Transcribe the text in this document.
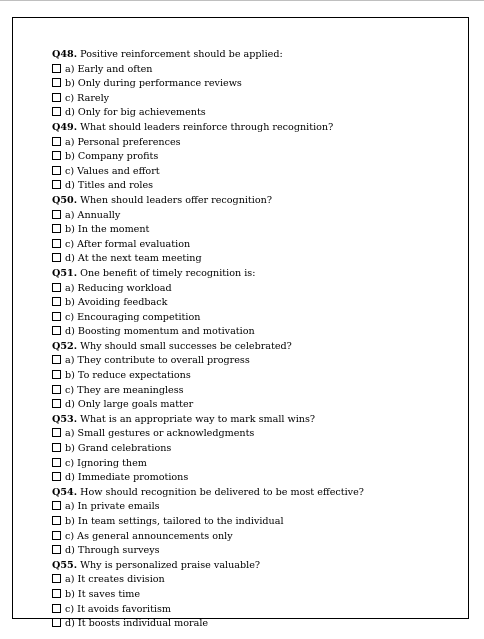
Q48. Positive reinforcement should be applied:
a) Early and often
b) Only during performance reviews
c) Rarely
d) Only for big achievements
Q49. What should leaders reinforce through recognition?
a) Personal preferences
b) Company profits
c) Values and effort
d) Titles and roles
Q50. When should leaders offer recognition?
a) Annually
b) In the moment
c) After formal evaluation
d) At the next team meeting
Q51. One benefit of timely recognition is:
a) Reducing workload
b) Avoiding feedback
c) Encouraging competition
d) Boosting momentum and motivation
Q52. Why should small successes be celebrated?
a) They contribute to overall progress
b) To reduce expectations
c) They are meaningless
d) Only large goals matter
Q53. What is an appropriate way to mark small wins?
a) Small gestures or acknowledgments
b) Grand celebrations
c) Ignoring them
d) Immediate promotions
Q54. How should recognition be delivered to be most effective?
a) In private emails
b) In team settings, tailored to the individual
c) As general announcements only
d) Through surveys
Q55. Why is personalized praise valuable?
a) It creates division
b) It saves time
c) It avoids favoritism
d) It boosts individual morale
